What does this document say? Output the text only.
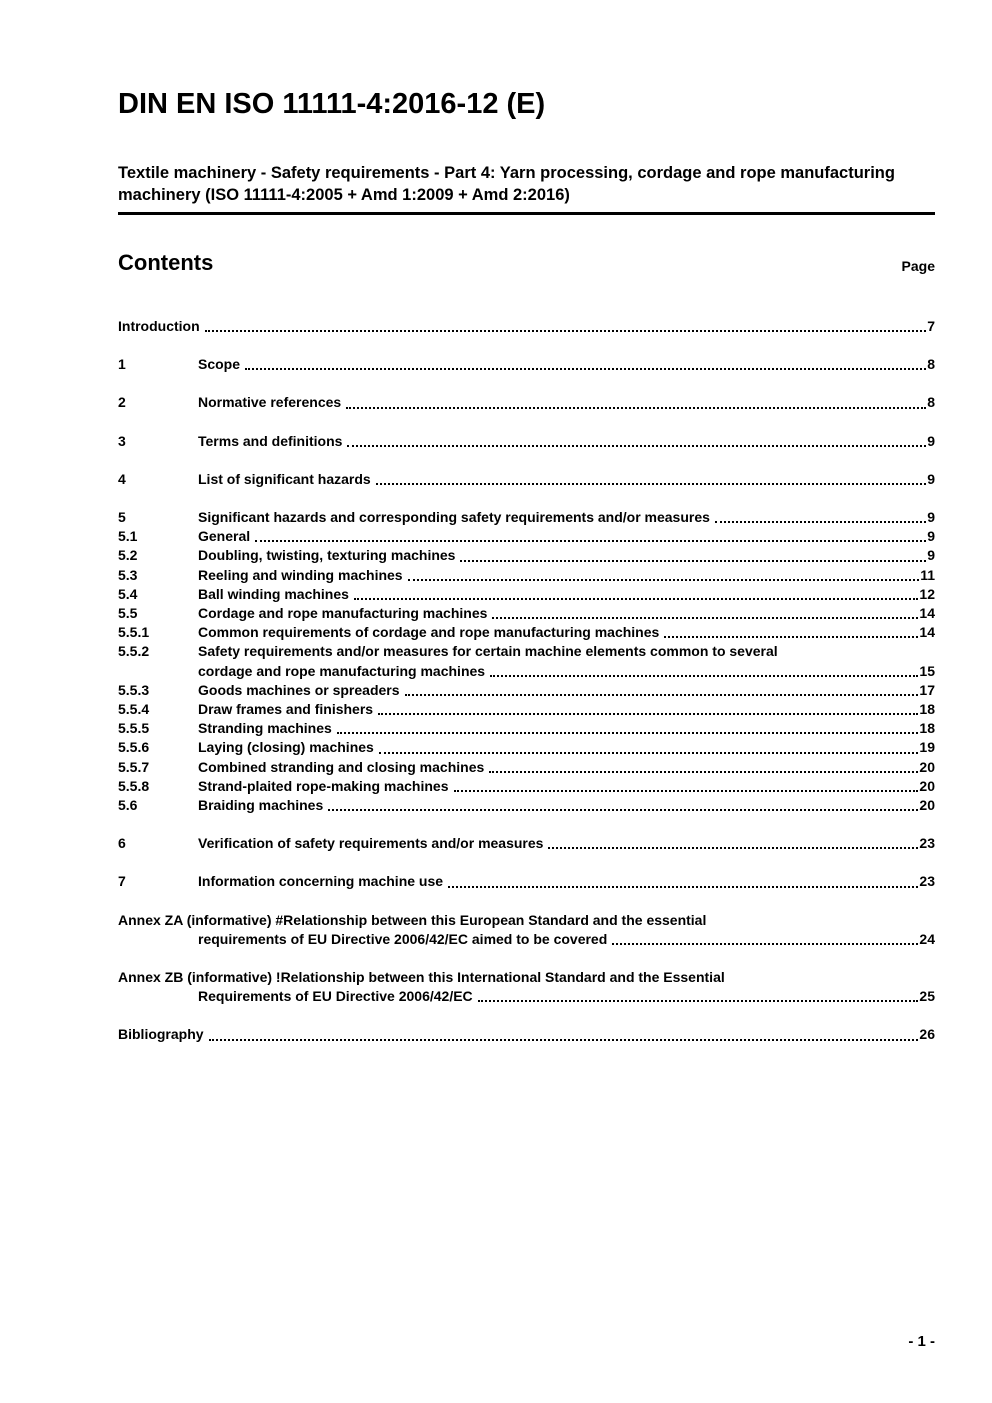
DIN EN ISO 11111-4:2016-12 (E)
Textile machinery - Safety requirements - Part 4: Yarn processing, cordage and rope manufacturing machinery (ISO 11111-4:2005 + Amd 1:2009 + Amd 2:2016)
Contents	Page
Introduction	7
1	Scope	8
2	Normative references	8
3	Terms and definitions	9
4	List of significant hazards	9
5	Significant hazards and corresponding safety requirements and/or measures	9
5.1	General	9
5.2	Doubling, twisting, texturing machines	9
5.3	Reeling and winding machines	11
5.4	Ball winding machines	12
5.5	Cordage and rope manufacturing machines	14
5.5.1	Common requirements of cordage and rope manufacturing machines	14
5.5.2	Safety requirements and/or measures for certain machine elements common to several
cordage and rope manufacturing machines	15
5.5.3	Goods machines or spreaders	17
5.5.4	Draw frames and finishers	18
5.5.5	Stranding machines	18
5.5.6	Laying (closing) machines	19
5.5.7	Combined stranding and closing machines	20
5.5.8	Strand-plaited rope-making machines	20
5.6	Braiding machines	20
6	Verification of safety requirements and/or measures	23
7	Information concerning machine use	23
Annex ZA (informative) #Relationship between this European Standard and the essential
requirements of EU Directive 2006/42/EC aimed to be covered	24
Annex ZB (informative) !Relationship between this International Standard and the Essential
Requirements of EU Directive 2006/42/EC	25
Bibliography	26
- 1 -
